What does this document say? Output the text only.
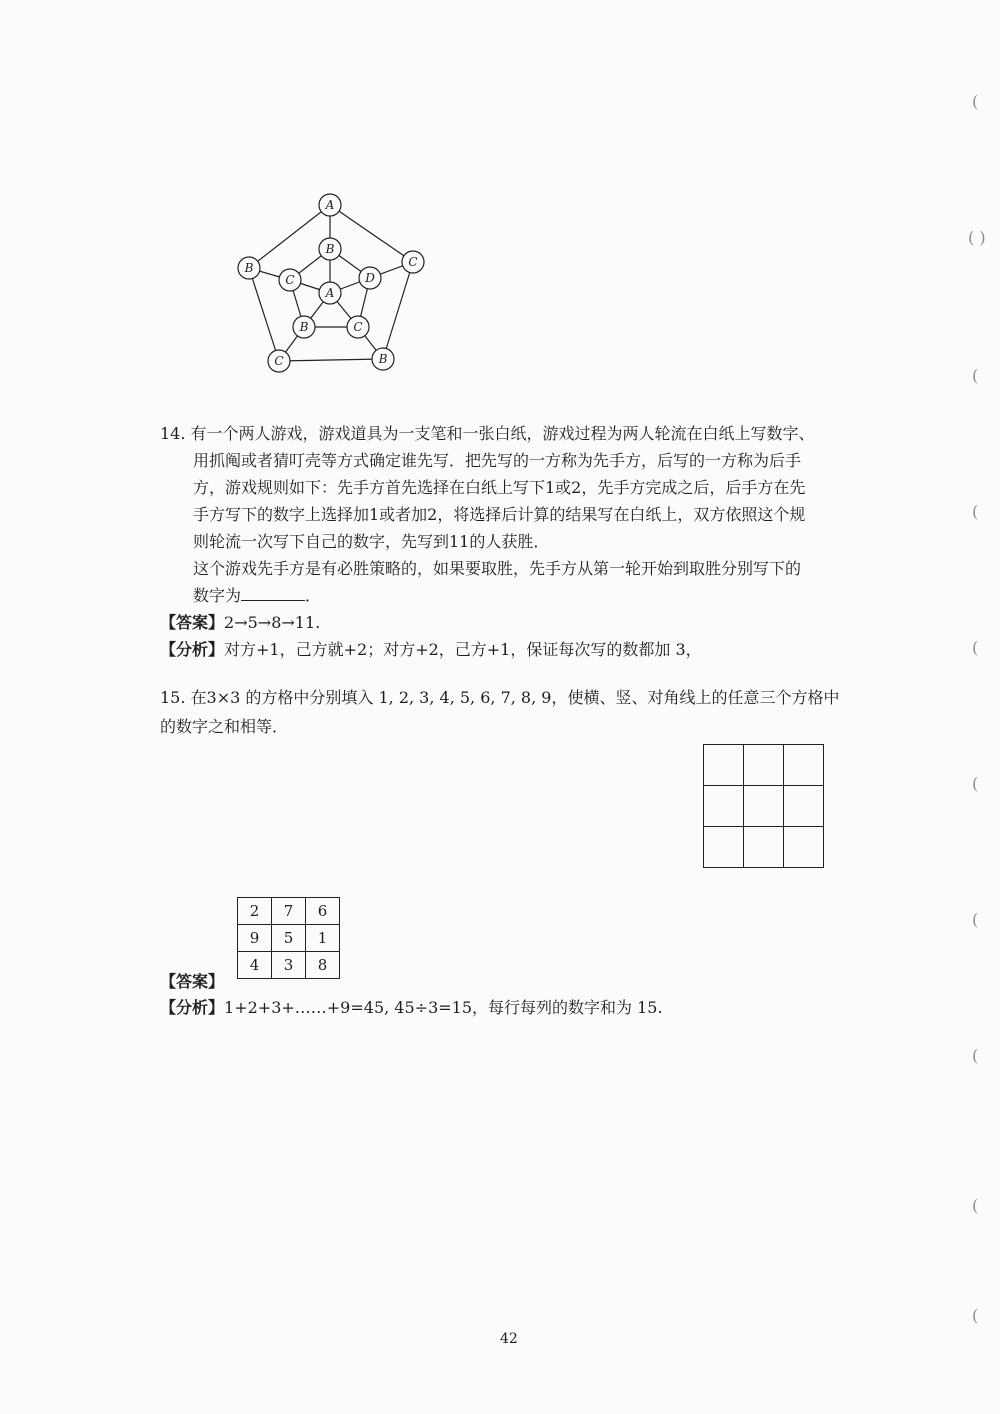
A
B	C
C	B
B
C	D
A
B	C
14. 有一个两人游戏，游戏道具为一支笔和一张白纸，游戏过程为两人轮流在白纸上写数字、
用抓阄或者猜叮壳等方式确定谁先写．把先写的一方称为先手方，后写的一方称为后手
方，游戏规则如下：先手方首先选择在白纸上写下1或2，先手方完成之后，后手方在先
手方写下的数字上选择加1或者加2，将选择后计算的结果写在白纸上，双方依照这个规
则轮流一次写下自己的数字，先写到11的人获胜．
这个游戏先手方是有必胜策略的，如果要取胜，先手方从第一轮开始到取胜分别写下的
数字为	．
【答案】2→5→8→11.
【分析】对方+1，己方就+2；对方+2，己方+1，保证每次写的数都加 3，
15. 在3×3 的方格中分别填入 1, 2, 3, 4, 5, 6, 7, 8, 9，使横、竖、对角线上的任意三个方格中
的数字之和相等．

2	7	6
9	5	1
4	3	8
【答案】
【分析】1+2+3+……+9=45, 45÷3=15，每行每列的数字和为 15.
42
(
( )
(
(
(
(
(
(
(
(
